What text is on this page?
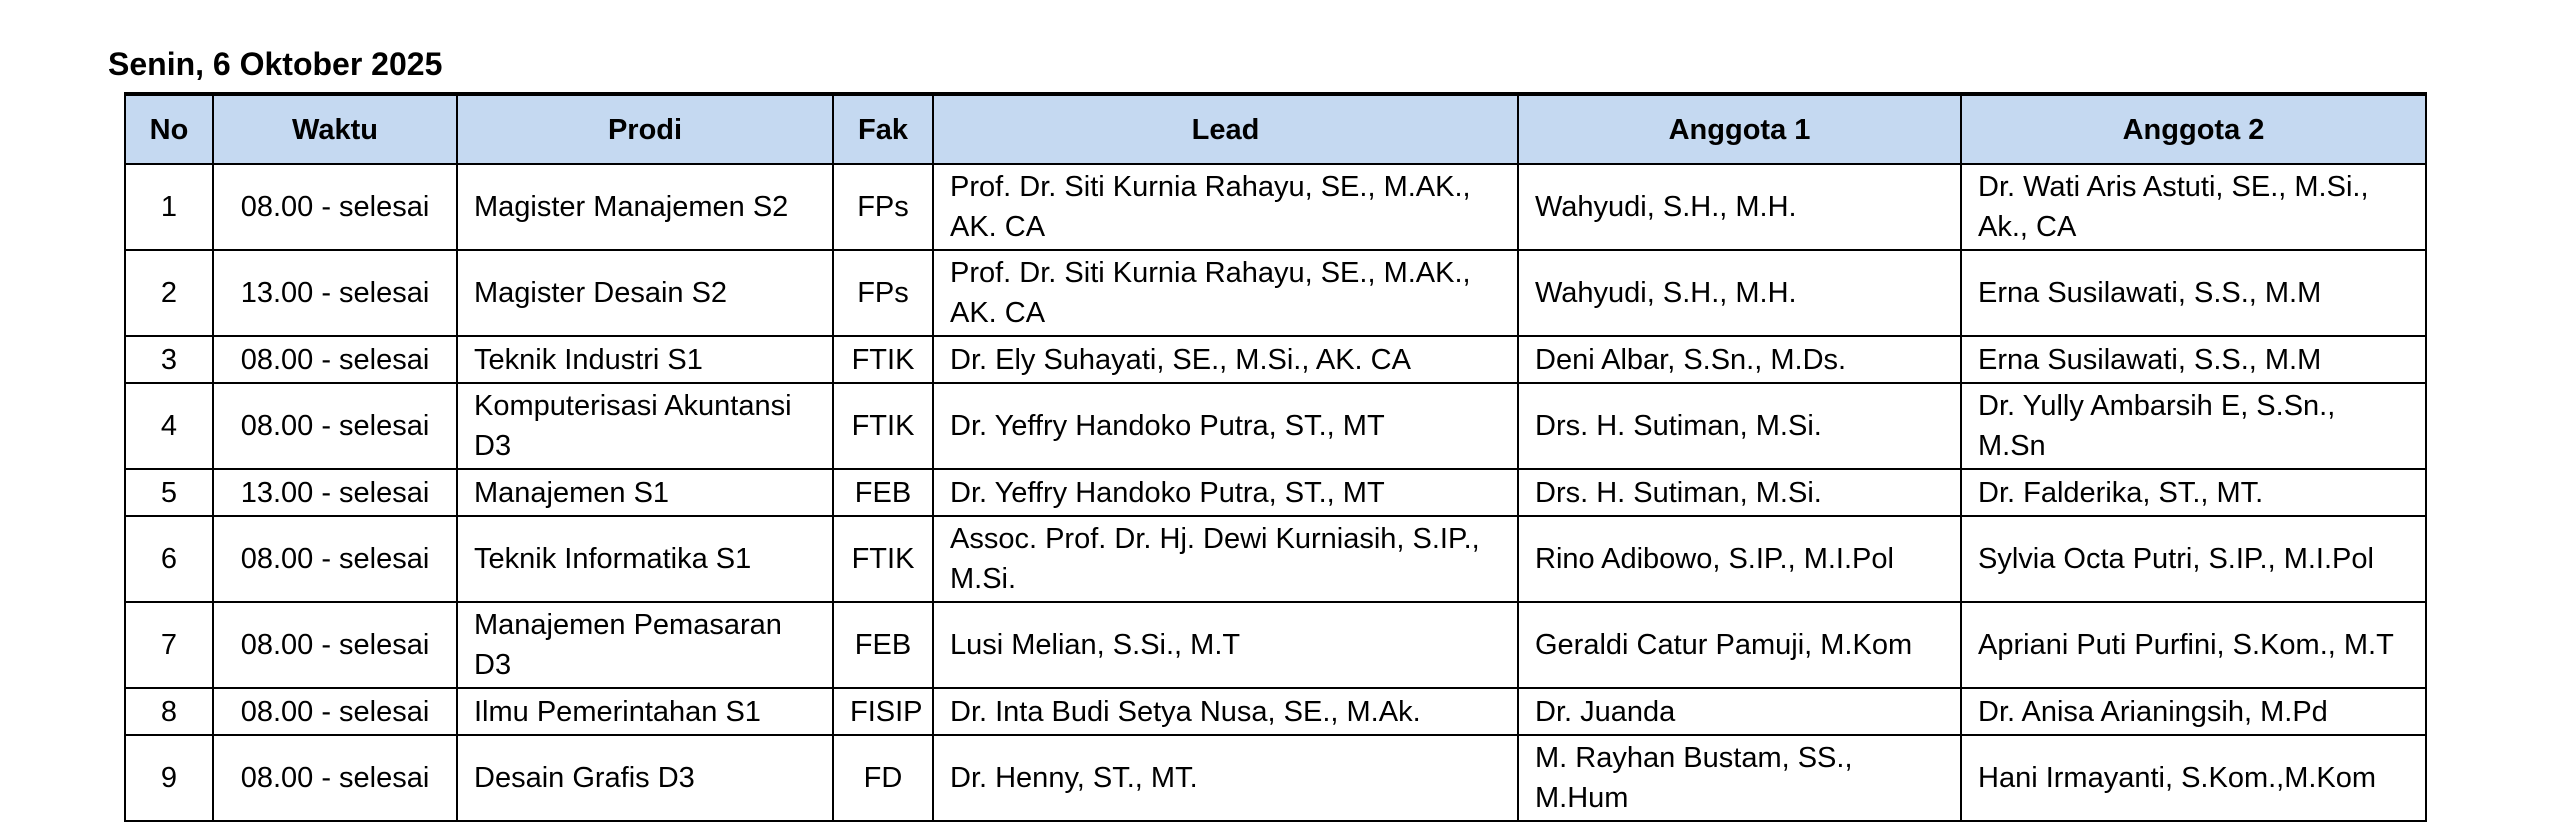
Senin, 6 Oktober 2025
No	Waktu	Prodi	Fak	Lead	Anggota 1	Anggota 2
1	08.00 - selesai	Magister Manajemen S2	FPs	Prof. Dr. Siti Kurnia Rahayu, SE., M.AK., AK. CA	Wahyudi, S.H., M.H.	Dr. Wati Aris Astuti, SE., M.Si., Ak., CA
2	13.00 - selesai	Magister Desain S2	FPs	Prof. Dr. Siti Kurnia Rahayu, SE., M.AK., AK. CA	Wahyudi, S.H., M.H.	Erna Susilawati, S.S., M.M
3	08.00 - selesai	Teknik Industri S1	FTIK	Dr. Ely Suhayati, SE., M.Si., AK. CA	Deni Albar, S.Sn., M.Ds.	Erna Susilawati, S.S., M.M
4	08.00 - selesai	Komputerisasi Akuntansi D3	FTIK	Dr. Yeffry Handoko Putra, ST., MT	Drs. H. Sutiman, M.Si.	Dr. Yully Ambarsih E, S.Sn., M.Sn
5	13.00 - selesai	Manajemen S1	FEB	Dr. Yeffry Handoko Putra, ST., MT	Drs. H. Sutiman, M.Si.	Dr. Falderika, ST., MT.
6	08.00 - selesai	Teknik Informatika S1	FTIK	Assoc. Prof. Dr. Hj. Dewi Kurniasih, S.IP., M.Si.	Rino Adibowo, S.IP., M.I.Pol	Sylvia Octa Putri, S.IP., M.I.Pol
7	08.00 - selesai	Manajemen Pemasaran D3	FEB	Lusi Melian, S.Si., M.T	Geraldi Catur Pamuji, M.Kom	Apriani Puti Purfini, S.Kom., M.T
8	08.00 - selesai	Ilmu Pemerintahan S1	FISIP	Dr. Inta Budi Setya Nusa, SE., M.Ak.	Dr. Juanda	Dr. Anisa Arianingsih, M.Pd
9	08.00 - selesai	Desain Grafis D3	FD	Dr. Henny, ST., MT.	M. Rayhan Bustam, SS., M.Hum	Hani Irmayanti, S.Kom.,M.Kom
